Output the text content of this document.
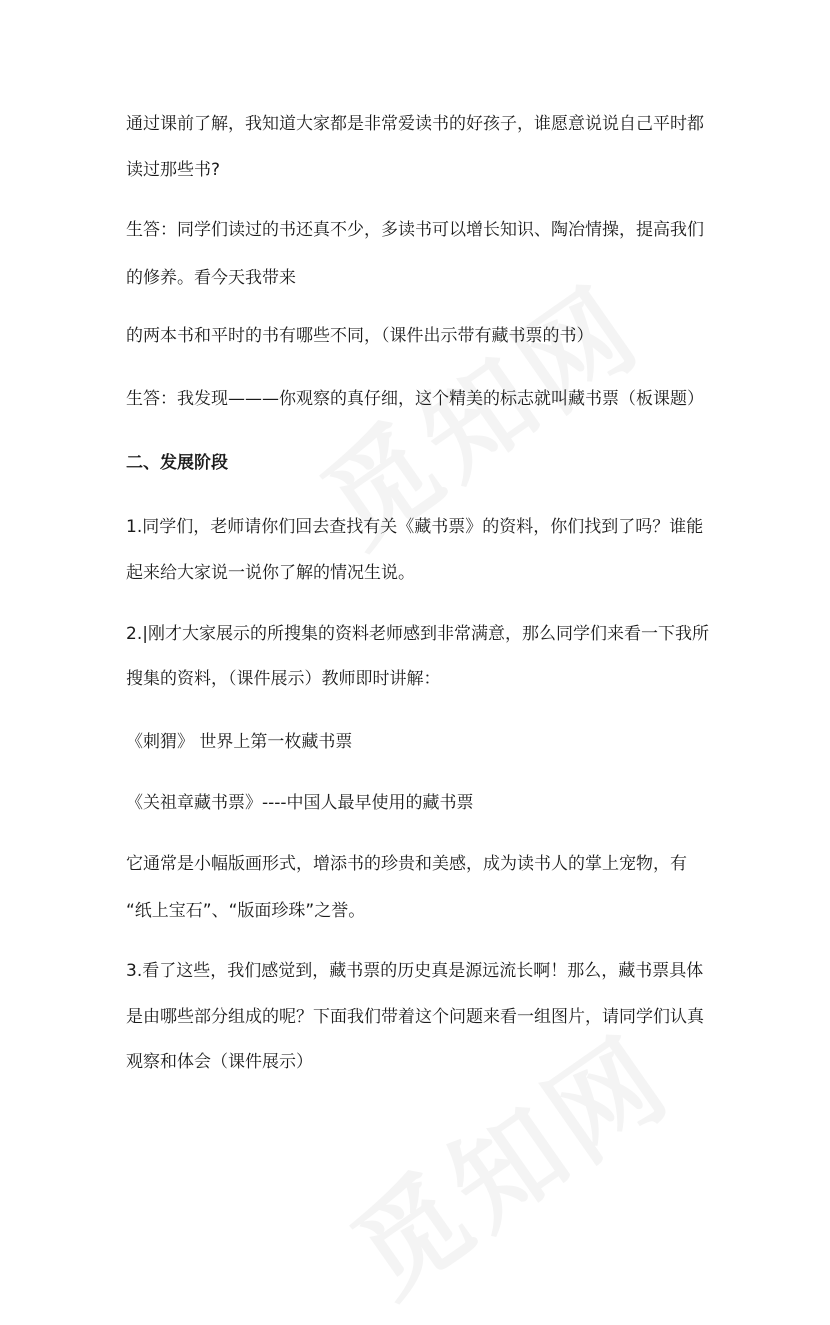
通过课前了解，我知道大家都是非常爱读书的好孩子，谁愿意说说自己平时都
读过那些书?
生答：同学们读过的书还真不少，多读书可以增长知识、陶冶情操，提高我们
的修养。看今天我带来
的两本书和平时的书有哪些不同，（课件出示带有藏书票的书）
生答：我发现———你观察的真仔细，这个精美的标志就叫藏书票（板课题）
二、发展阶段
1.同学们，老师请你们回去查找有关《藏书票》的资料，你们找到了吗？谁能
起来给大家说一说你了解的情况生说。
2.|刚才大家展示的所搜集的资料老师感到非常满意，那么同学们来看一下我所
搜集的资料，（课件展示）教师即时讲解：
《刺猬》 世界上第一枚藏书票
《关祖章藏书票》----中国人最早使用的藏书票
它通常是小幅版画形式，增添书的珍贵和美感，成为读书人的掌上宠物，有
“纸上宝石”、“版面珍珠”之誉。
3.看了这些，我们感觉到，藏书票的历史真是源远流长啊！那么，藏书票具体
是由哪些部分组成的呢？下面我们带着这个问题来看一组图片，请同学们认真
观察和体会（课件展示）
